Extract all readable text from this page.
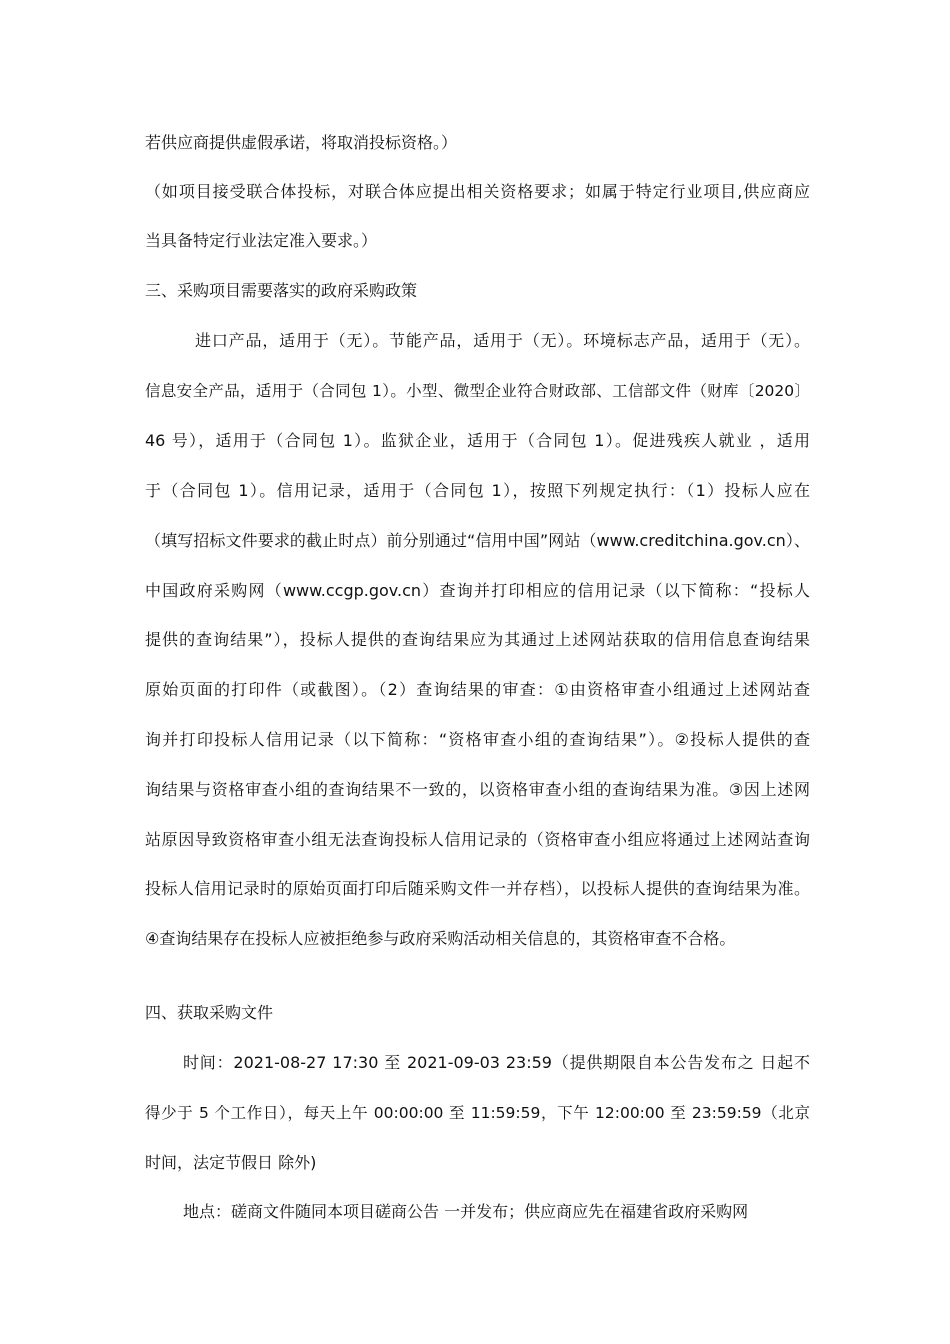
若供应商提供虚假承诺，将取消投标资格。）
（如项目接受联合体投标，对联合体应提出相关资格要求；如属于特定行业项目,供应商应
当具备特定行业法定准入要求。）
三、采购项目需要落实的政府采购政策
进口产品，适用于（无）。节能产品，适用于（无）。环境标志产品，适用于（无）。
信息安全产品，适用于（合同包 1）。小型、微型企业符合财政部、工信部文件（财库〔2020〕
46 号），适用于（合同包 1）。监狱企业，适用于（合同包 1）。促进残疾人就业 ，适用
于（合同包 1）。信用记录，适用于（合同包 1），按照下列规定执行：（1）投标人应在
（填写招标文件要求的截止时点）前分别通过“信用中国”网站（www.creditchina.gov.cn）、
中国政府采购网（www.ccgp.gov.cn）查询并打印相应的信用记录（以下简称：“投标人
提供的查询结果”），投标人提供的查询结果应为其通过上述网站获取的信用信息查询结果
原始页面的打印件（或截图）。（2）查询结果的审查：①由资格审查小组通过上述网站查
询并打印投标人信用记录（以下简称：“资格审查小组的查询结果”）。②投标人提供的查
询结果与资格审查小组的查询结果不一致的，以资格审查小组的查询结果为准。③因上述网
站原因导致资格审查小组无法查询投标人信用记录的（资格审查小组应将通过上述网站查询
投标人信用记录时的原始页面打印后随采购文件一并存档），以投标人提供的查询结果为准。
④查询结果存在投标人应被拒绝参与政府采购活动相关信息的，其资格审查不合格。
四、获取采购文件
时间：2021-08-27 17:30 至 2021-09-03 23:59（提供期限自本公告发布之 日起不
得少于 5 个工作日），每天上午 00:00:00 至 11:59:59，下午 12:00:00 至 23:59:59（北京
时间，法定节假日 除外)
地点：磋商文件随同本项目磋商公告 一并发布；供应商应先在福建省政府采购网
